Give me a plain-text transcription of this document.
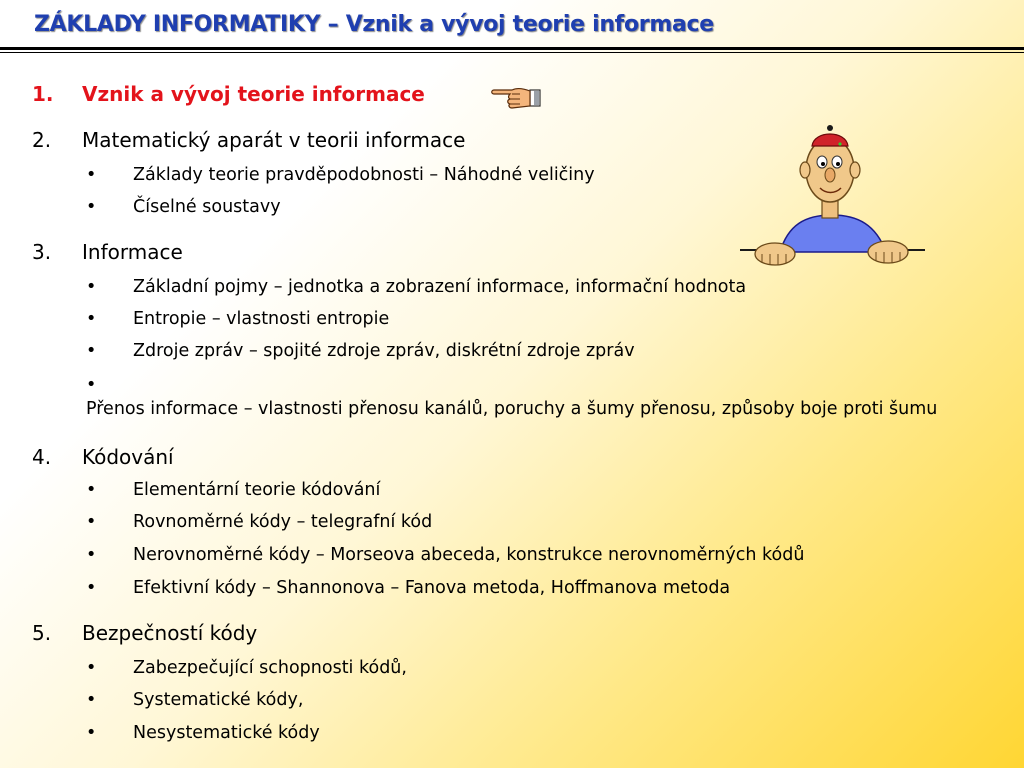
ZÁKLADY INFORMATIKY – Vznik a vývoj teorie informace
1. Vznik a vývoj teorie informace
2. Matematický aparát v teorii informace
• Základy teorie pravděpodobnosti – Náhodné veličiny
• Číselné soustavy
3. Informace
• Základní pojmy – jednotka a zobrazení informace, informační hodnota
• Entropie – vlastnosti entropie
• Zdroje zpráv – spojité zdroje zpráv, diskrétní zdroje zpráv
•Přenos informace – vlastnosti přenosu kanálů, poruchy a šumy přenosu, způsoby boje proti šumu
4. Kódování
• Elementární teorie kódování
• Rovnoměrné kódy – telegrafní kód
• Nerovnoměrné kódy – Morseova abeceda, konstrukce nerovnoměrných kódů
• Efektivní kódy – Shannonova – Fanova metoda, Hoffmanova metoda
5. Bezpečností kódy
• Zabezpečující schopnosti kódů,
• Systematické kódy,
• Nesystematické kódy
